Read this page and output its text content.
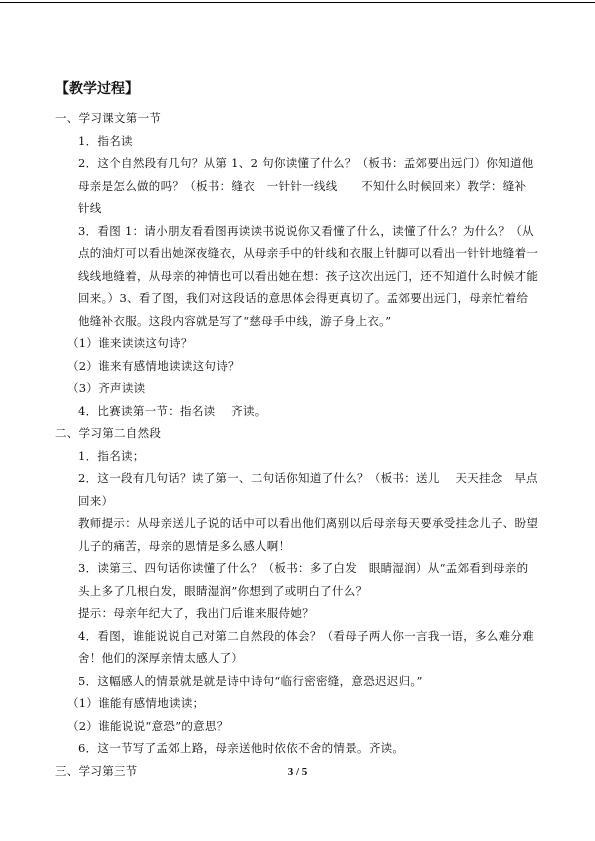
【教学过程】

一、学习课文第一节

1．指名读

2．这个自然段有几句？从第 1、2 句你读懂了什么？（板书：孟郊要出远门）你知道他母亲是怎么做的吗？（板书：缝衣　一针针一线线　　不知什么时候回来）教学：缝补　 针线

3．看图 1：请小朋友看看图再读读书说说你又看懂了什么，读懂了什么？为什么？（从点的油灯可以看出她深夜缝衣，从母亲手中的针线和衣服上针脚可以看出一针针地缝着一线线地缝着，从母亲的神情也可以看出她在想：孩子这次出远门，还不知道什么时候才能回来。）3、看了图，我们对这段话的意思体会得更真切了。孟郊要出远门，母亲忙着给他缝补衣服。这段内容就是写了“慈母手中线，游子身上衣。”

（1）谁来读读这句诗？

（2）谁来有感情地读读这句诗？

（3）齐声读读

4．比赛读第一节：指名读　 齐读。

二、学习第二自然段

1．指名读；

2．这一段有几句话？读了第一、二句话你知道了什么？（板书：送儿　 天天挂念　早点回来）

教师提示：从母亲送儿子说的话中可以看出他们离别以后母亲每天要承受挂念儿子、盼望儿子的痛苦，母亲的恩情是多么感人啊！

3．读第三、四句话你读懂了什么？（板书：多了白发　眼睛湿润）从“孟郊看到母亲的头上多了几根白发，眼睛湿润”你想到了或明白了什么？

提示：母亲年纪大了，我出门后谁来服侍她？

4．看图，谁能说说自己对第二自然段的体会？（看母子两人你一言我一语，多么难分难舍！他们的深厚亲情太感人了）

5．这幅感人的情景就是就是诗中诗句“临行密密缝，意恐迟迟归。”

（1）谁能有感情地读读；

（2）谁能说说“意恐”的意思？

6．这一节写了孟郊上路，母亲送他时依依不舍的情景。齐读。

三、学习第三节	3 / 5
